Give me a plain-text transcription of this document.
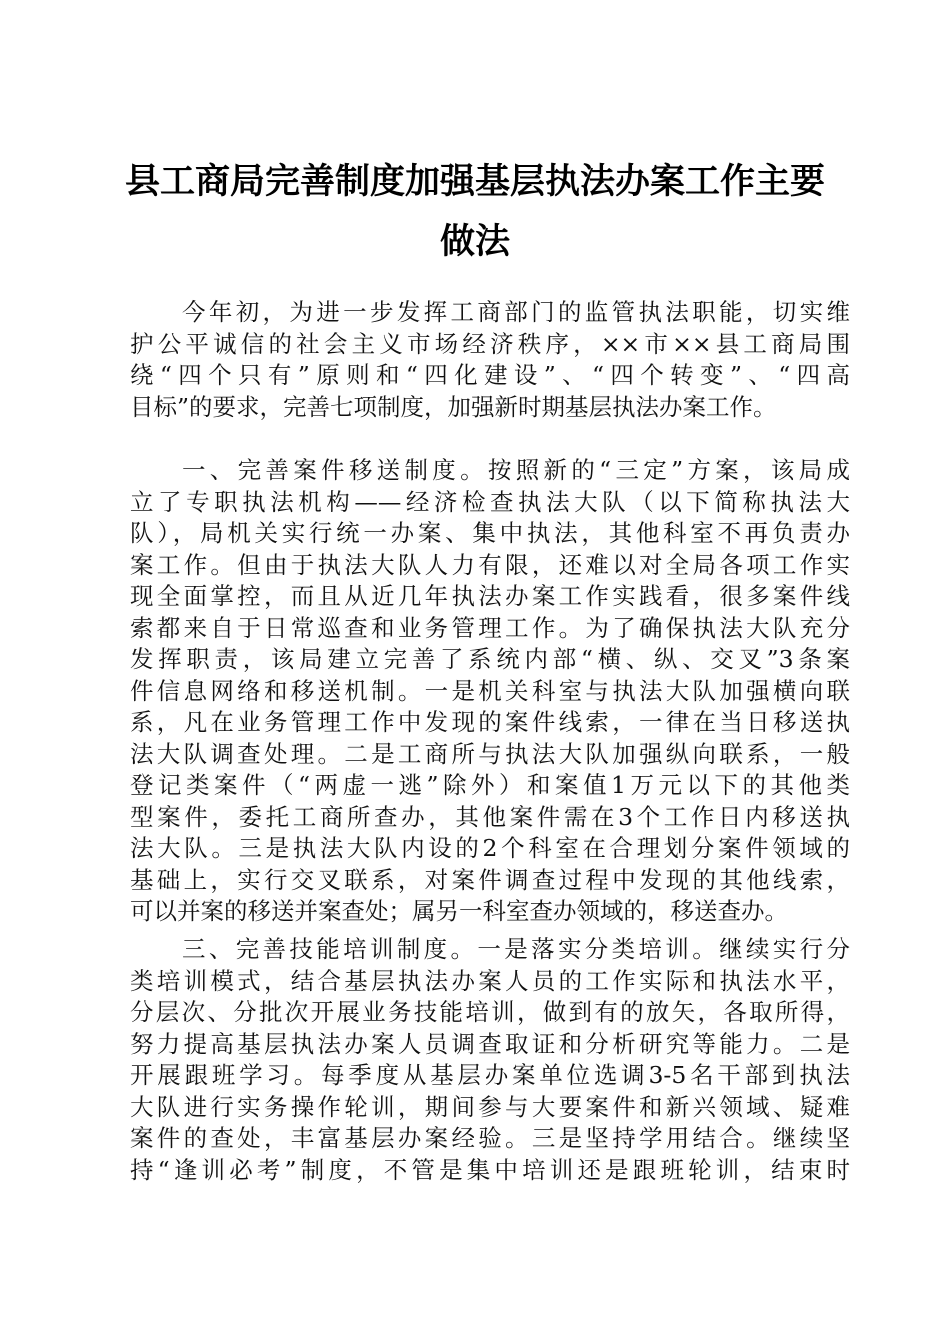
县工商局完善制度加强基层执法办案工作主要
做法

今年初，为进一步发挥工商部门的监管执法职能，切实维
护公平诚信的社会主义市场经济秩序，××市××县工商局围
绕“四个只有”原则和“四化建设”、“四个转变”、“四高
目标”的要求，完善七项制度，加强新时期基层执法办案工作。

一、完善案件移送制度。按照新的“三定”方案，该局成
立了专职执法机构——经济检查执法大队（以下简称执法大
队），局机关实行统一办案、集中执法，其他科室不再负责办
案工作。但由于执法大队人力有限，还难以对全局各项工作实
现全面掌控，而且从近几年执法办案工作实践看，很多案件线
索都来自于日常巡查和业务管理工作。为了确保执法大队充分
发挥职责，该局建立完善了系统内部“横、纵、交叉”3条案
件信息网络和移送机制。一是机关科室与执法大队加强横向联
系，凡在业务管理工作中发现的案件线索，一律在当日移送执
法大队调查处理。二是工商所与执法大队加强纵向联系，一般
登记类案件（“两虚一逃”除外）和案值1万元以下的其他类
型案件，委托工商所查办，其他案件需在3个工作日内移送执
法大队。三是执法大队内设的2个科室在合理划分案件领域的
基础上，实行交叉联系，对案件调查过程中发现的其他线索，
可以并案的移送并案查处；属另一科室查办领域的，移送查办。

三、完善技能培训制度。一是落实分类培训。继续实行分
类培训模式，结合基层执法办案人员的工作实际和执法水平，
分层次、分批次开展业务技能培训，做到有的放矢，各取所得，
努力提高基层执法办案人员调查取证和分析研究等能力。二是
开展跟班学习。每季度从基层办案单位选调3-5名干部到执法
大队进行实务操作轮训，期间参与大要案件和新兴领域、疑难
案件的查处，丰富基层办案经验。三是坚持学用结合。继续坚
持“逢训必考”制度，不管是集中培训还是跟班轮训，结束时
